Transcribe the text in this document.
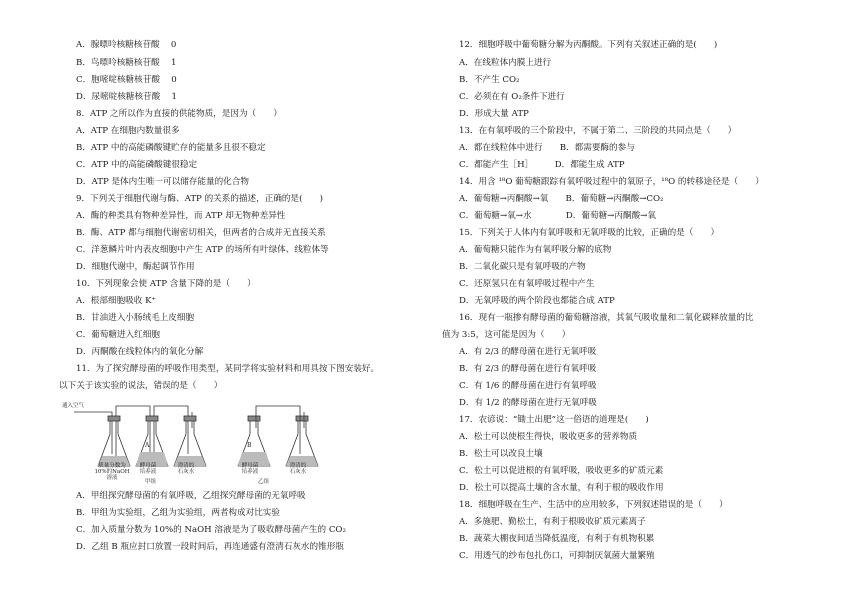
A．腺嘌呤核糖核苷酸　 0
B．鸟嘌呤核糖核苷酸　 1
C．胞嘧啶核糖核苷酸　 0
D．尿嘧啶核糖核苷酸　 1
8．ATP 之所以作为直接的供能物质，是因为（　　）
A．ATP 在细胞内数量很多
B．ATP 中的高能磷酸键贮存的能量多且很不稳定
C．ATP 中的高能磷酸键很稳定
D．ATP 是体内生唯一可以储存能量的化合物
9．下列关于细胞代谢与酶、ATP 的关系的描述，正确的是(　　)
A．酶的种类具有物种差异性，而 ATP 却无物种差异性
B．酶、ATP 都与细胞代谢密切相关，但两者的合成并无直接关系
C．洋葱鳞片叶内表皮细胞中产生 ATP 的场所有叶绿体、线粒体等
D．细胞代谢中，酶起调节作用
10．下列现象会使 ATP 含量下降的是（　　）
A．根部细胞吸收 K⁺
B．甘油进入小肠绒毛上皮细胞
C．葡萄糖进入红细胞
D．丙酮酸在线粒体内的氧化分解
11．为了探究酵母菌的呼吸作用类型，某同学将实验材料和用具按下图安装好。
以下关于该实验的说法，错误的是（　　）
通入空气
A	B
质量分数为10%的NaOH溶液
酵母菌培养液
澄清的石灰水
酵母菌培养液
澄清的石灰水
甲组	乙组
A．甲组探究酵母菌的有氧呼吸，乙组探究酵母菌的无氧呼吸
B．甲组为实验组，乙组为实验组，两者构成对比实验
C．加入质量分数为 10%的 NaOH 溶液是为了吸收酵母菌产生的 CO₂
D．乙组 B 瓶应封口放置一段时间后，再连通盛有澄清石灰水的锥形瓶
12．细胞呼吸中葡萄糖分解为丙酮酸。下列有关叙述正确的是(　　)
A．在线粒体内膜上进行
B．不产生 CO₂
C．必须在有 O₂条件下进行
D．形成大量 ATP
13．在有氧呼吸的三个阶段中，不属于第二、三阶段的共同点是（　　）
A．都在线粒体中进行　　B．都需要酶的参与
C．都能产生［H］　　　D．都能生成 ATP
14．用含 ¹⁸O 葡萄糖跟踪有氧呼吸过程中的氧原子，¹⁸O 的转移途径是（　　）
A．葡萄糖→丙酮酸→氧　　B．葡萄糖→丙酮酸→CO₂
C．葡萄糖→氧→水　　　　D．葡萄糖→丙酮酸→氧
15．下列关于人体内有氧呼吸和无氧呼吸的比较，正确的是（　　）
A．葡萄糖只能作为有氧呼吸分解的底物
B．二氧化碳只是有氧呼吸的产物
C．还原氢只在有氧呼吸过程中产生
D．无氧呼吸的两个阶段也都能合成 ATP
16．现有一瓶掺有酵母菌的葡萄糖溶液，其氧气吸收量和二氧化碳释放量的比
值为 3:5，这可能是因为（　　）
A．有 2/3 的酵母菌在进行无氧呼吸
B．有 2/3 的酵母菌在进行有氧呼吸
C．有 1/6 的酵母菌在进行有氧呼吸
D．有 1/2 的酵母菌在进行无氧呼吸
17．农谚说：“锄土出肥”这一俗语的道理是(　　)
A．松土可以使根生得快，吸收更多的营养物质
B．松土可以改良土壤
C．松土可以促进根的有氧呼吸，吸收更多的矿质元素
D．松土可以提高土壤的含水量，有利于根的吸收作用
18．细胞呼吸在生产、生活中的应用较多，下列叙述错误的是（　　）
A．多施肥、勤松土，有利于根吸收矿质元素离子
B．蔬菜大棚夜间适当降低温度，有利于有机物积累
C．用透气的纱布包扎伤口，可抑制厌氧菌大量繁殖
